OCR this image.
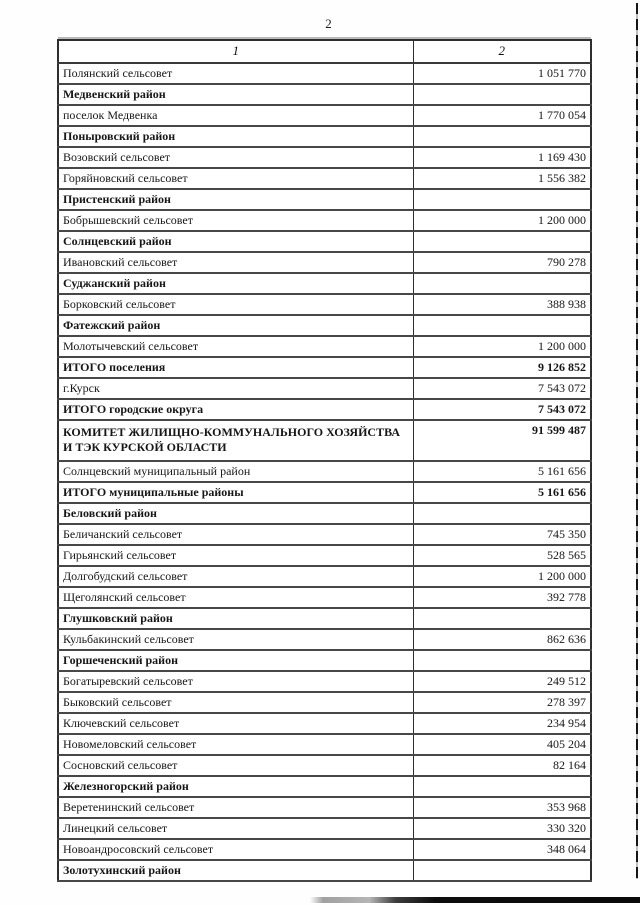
2
1	2
Полянский сельсовет	1 051 770
Медвенский район	
поселок Медвенка	1 770 054
Поныровский район	
Возовский сельсовет	1 169 430
Горяйновский сельсовет	1 556 382
Пристенский район	
Бобрышевский сельсовет	1 200 000
Солнцевский район	
Ивановский сельсовет	790 278
Суджанский район	
Борковский сельсовет	388 938
Фатежский район	
Молотычевский сельсовет	1 200 000
ИТОГО поселения	9 126 852
г.Курск	7 543 072
ИТОГО городские округа	7 543 072
КОМИТЕТ ЖИЛИЩНО-КОММУНАЛЬНОГО ХОЗЯЙСТВА И ТЭК КУРСКОЙ ОБЛАСТИ	91 599 487
Солнцевский муниципальный район	5 161 656
ИТОГО муниципальные районы	5 161 656
Беловский район	
Беличанский сельсовет	745 350
Гирьянский сельсовет	528 565
Долгобудский сельсовет	1 200 000
Щеголянский сельсовет	392 778
Глушковский район	
Кульбакинский сельсовет	862 636
Горшеченский район	
Богатыревский сельсовет	249 512
Быковский сельсовет	278 397
Ключевский сельсовет	234 954
Новомеловский сельсовет	405 204
Сосновский сельсовет	82 164
Железногорский район	
Веретенинский сельсовет	353 968
Линецкий сельсовет	330 320
Новоандросовский сельсовет	348 064
Золотухинский район	
